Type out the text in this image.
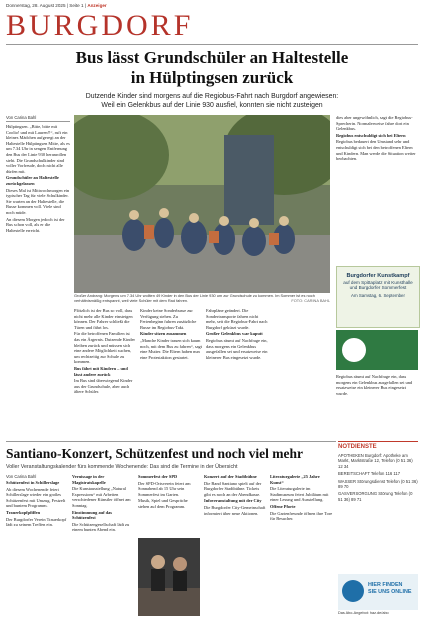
Donnerstag, 28. August 2025 | Seite 1 | Anzeiger
BURGDORF
Bus lässt Grundschüler an Haltestelle
in Hülptingsen zurück
Dutzende Kinder sind morgens auf die Regiobus-Fahrt nach Burgdorf angewiesen:
Weil ein Gelenkbus auf der Linie 930 ausfiel, konnten sie nicht zusteigen
Von Carina Bahl

Hülptingsen. „Bitte, bitte mit Coolio! und mit Lauren!!“, ruft ein kleines Mädchen aufgeregt an der Haltestelle Hülptingsen Mitte, als es um 7.34 Uhr in sengen Entfernung den Bus der Linie 930 heranrollen sieht. Die Grundschulkinder sind voller Vorfreude, doch nicht alle dürfen mit.

Grundschüler an Haltestelle zurückgelassen

Dieses Mal ist Mittwochmorgen ein typischer Tag für viele Schulkinder. Sie warten an der Haltestelle, die Busse kommen voll. Viele sind noch müde.

An diesem Morgen jedoch ist der Bus schon voll, als er die Haltestelle erreicht.

Großer Andrang: Morgens um 7.34 Uhr wollten 49 Kinder in den Bus der Linie 930 um zur Grundschule zu kommen. Im Sommer ist es noch verhältnismäßig entspannt, weil viele Schüler mit dem Rad fahren.	FOTO: CARINA BAHL

Plötzlich ist der Bus so voll, dass nicht mehr alle Kinder einsteigen können. Der Fahrer schließt die Türen und fährt los.

Für die betroffenen Familien ist das ein Ärgernis. Dutzende Kinder bleiben zurück und müssen sich eine andere Möglichkeit suchen, um rechtzeitig zur Schule zu kommen.

Bus fährt mit Kindern – und lässt andere zurück

Im Bus sind überwiegend Kinder aus der Grundschule, aber auch ältere Schüler.

Kinder keine Sonderbusse zur Verfügung stehen. Zu Ferienbeginn fuhren zusätzliche Busse im Regiobus-Takt.

Kinder sitzen zusammen

„Manche Kinder trauen sich kaum noch, mit dem Bus zu fahren“, sagt eine Mutter. Die Eltern haben nun eine Protestaktion gestartet.

Fahrpläne geändert. Die Sondertransporte fahren nicht mehr, seit die Regiobus-Fahrt nach Burgdorf gekürzt wurde.

Großer Gelenkbus war kaputt

Regiobus räumt auf Nachfrage ein, dass morgens ein Gelenkbus ausgefallen sei und ersatzweise ein kleinerer Bus eingesetzt wurde.

dies aber ungewöhnlich, sagt die Regiobus-Sprecherin. Normalerweise fahre dort ein Gelenkbus.

Regiobus entschuldigt sich bei Eltern

Regiobus bedauert den Umstand sehr und entschuldigt sich bei den betroffenen Eltern und Kindern. Man werde die Situation weiter beobachten.

Burgdorfer Kunstkampf
auf dem Spittaplatz mit Kunsthalle und Burgdorfer Sommerfest
Am Samstag, 6. September

Regiobus räumt auf Nachfrage ein, dass morgens ein Gelenkbus ausgefallen sei und ersatzweise ein kleinerer Bus eingesetzt wurde.

Santiano-Konzert, Schützenfest und noch viel mehr
Voller Veranstaltungskalender fürs kommende Wochenende: Das sind die Termine in der Übersicht
Von Carina Bahl

Schützenfest in Schillerslage

Ab diesem Wochenende feiert Schillerslage wieder ein großes Schützenfest mit Umzug, Festzelt und buntem Programm.

Trauerkopfpfiffen

Der Burgdorfer Verein Trauerkopf lädt zu seinem Treffen ein.

Vernissage in der Magistratskapelle

Die Kunstausstellung „Natural Expressions“ mit Arbeiten verschiedener Künstler öffnet am Sonntag.

Einstimmung auf das Schützenfest

Die Schützengesellschaft lädt zu einem bunten Abend ein.

Sommerfest der SPD

Der SPD-Ortsverein feiert am Sonnabend ab 15 Uhr sein Sommerfest im Garten.

Musik, Spiel und Gespräche stehen auf dem Programm.

Konzert auf der Stadtbühne

Die Band Santiano spielt auf der Burgdorfer Stadtbühne. Tickets gibt es noch an der Abendkasse.

Infoveranstaltung mit der City

Die Burgdorfer City-Gemeinschaft informiert über neue Aktionen.

Literaturgalerie „25 Jahre Kunst“

Die Literaturgalerie im Stadtmuseum feiert Jubiläum mit einer Lesung und Ausstellung.

Offene Pforte

Die Gartenfreunde öffnen ihre Tore für Besucher.

NOTDIENSTE

APOTHEKEN Burgdorf: Apotheke am Markt, Marktstraße 12, Telefon (0 51 36) 12 34

BEREITSCHAFT Telefon 116 117

WASSER Störungsdienst Telefon (0 51 36) 89 70

GASVERSORGUNG Störung Telefon (0 51 36) 89 71

HIER FINDEN
SIE UNS ONLINE
Das Abo-Angebot: haz.de/abo
